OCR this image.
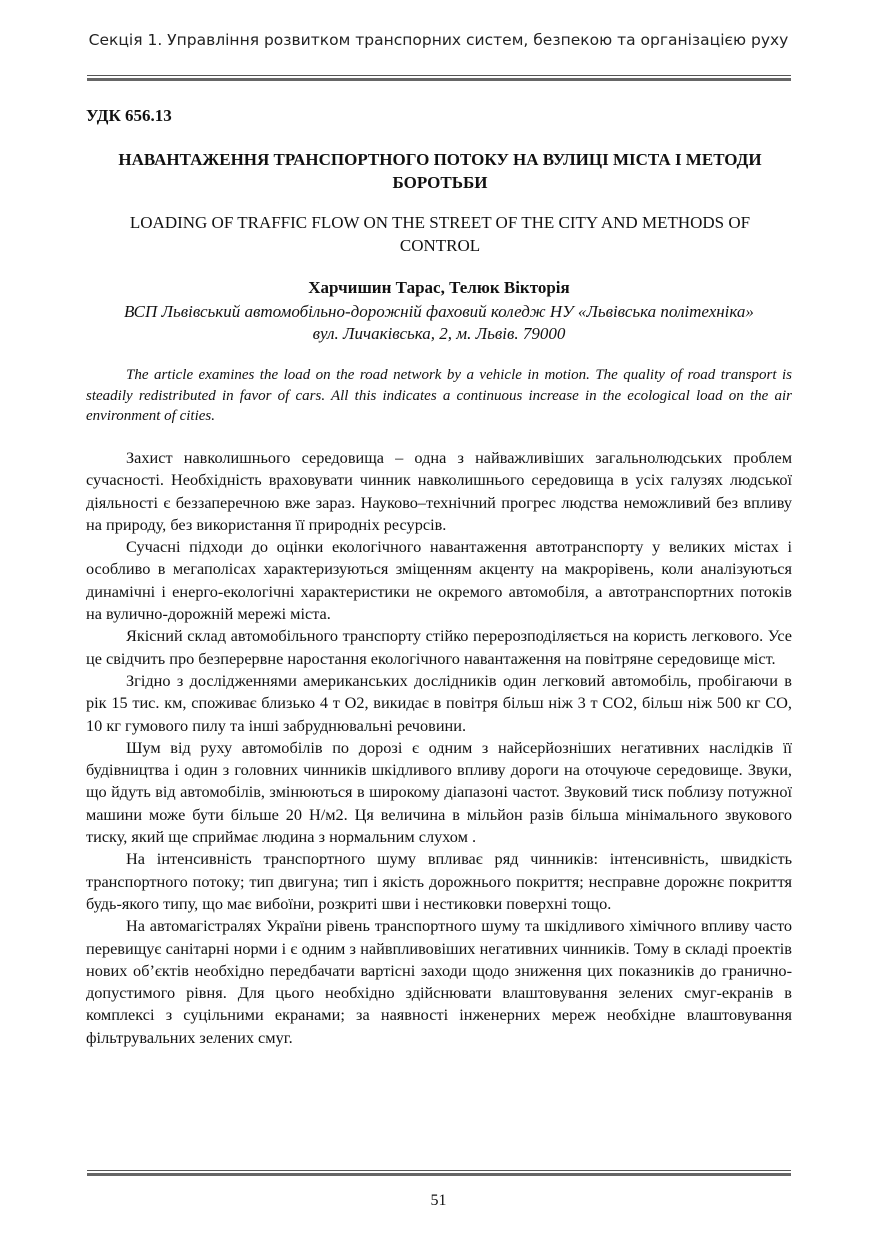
Секція 1. Управління розвитком транспорних систем, безпекою та організацією руху
УДК 656.13
НАВАНТАЖЕННЯ ТРАНСПОРТНОГО ПОТОКУ НА ВУЛИЦІ МІСТА І МЕТОДИ БОРОТЬБИ
LOADING OF TRAFFIC FLOW ON THE STREET OF THE CITY AND METHODS OF CONTROL
Харчишин Тарас, Телюк Вікторія
ВСП Львівський автомобільно-дорожній фаховий коледж НУ «Львівська політехніка»
вул. Личаківська, 2, м. Львів. 79000

The article examines the load on the road network by a vehicle in motion. The quality of road transport is steadily redistributed in favor of cars. All this indicates a continuous increase in the ecological load on the air environment of cities.

Захист навколишнього середовища – одна з найважливіших загальнолюдських проблем сучасності. Необхідність враховувати чинник навколишнього середовища в усіх галузях людської діяльності є беззаперечною вже зараз. Науково–технічний прогрес людства неможливий без впливу на природу, без використання її природніх ресурсів.

Сучасні підходи до оцінки екологічного навантаження автотранспорту у великих містах і особливо в мегаполісах характеризуються зміщенням акценту на макрорівень, коли аналізуються динамічні і енерго-екологічні характеристики не окремого автомобіля, а автотранспортних потоків на вулично-дорожній мережі міста.

Якісний склад автомобільного транспорту стійко перерозподіляється на користь легкового. Усе це свідчить про безперервне наростання екологічного навантаження на повітряне середовище міст.

Згідно з дослідженнями американських дослідників один легковий автомобіль, пробігаючи в рік 15 тис. км, споживає близько 4 т О2, викидає в повітря більш ніж 3 т СО2, більш ніж 500 кг СО, 10 кг гумового пилу та інші забруднювальні речовини.

Шум від руху автомобілів по дорозі є одним з найсерйозніших негативних наслідків її будівництва і один з головних чинників шкідливого впливу дороги на оточуюче середовище. Звуки, що йдуть від автомобілів, змінюються в широкому діапазоні частот. Звуковий тиск поблизу потужної машини може бути більше 20 Н/м2. Ця величина в мільйон разів більша мінімального звукового тиску, який ще сприймає людина з нормальним слухом .

На інтенсивність транспортного шуму впливає ряд чинників: інтенсивність, швидкість транспортного потоку; тип двигуна; тип і якість дорожнього покриття; несправне дорожнє покриття будь-якого типу, що має вибоїни, розкриті шви і нестиковки поверхні тощо.

На автомагістралях України рівень транспортного шуму та шкідливого хімічного впливу часто перевищує санітарні норми і є одним з найвпливовіших негативних чинників. Тому в складі проектів нових об’єктів необхідно передбачати вартісні заходи щодо зниження цих показників до гранично-допустимого рівня. Для цього необхідно здійснювати влаштовування зелених смуг-екранів в комплексі з суцільними екранами; за наявності інженерних мереж необхідне влаштовування фільтрувальних зелених смуг.

51
